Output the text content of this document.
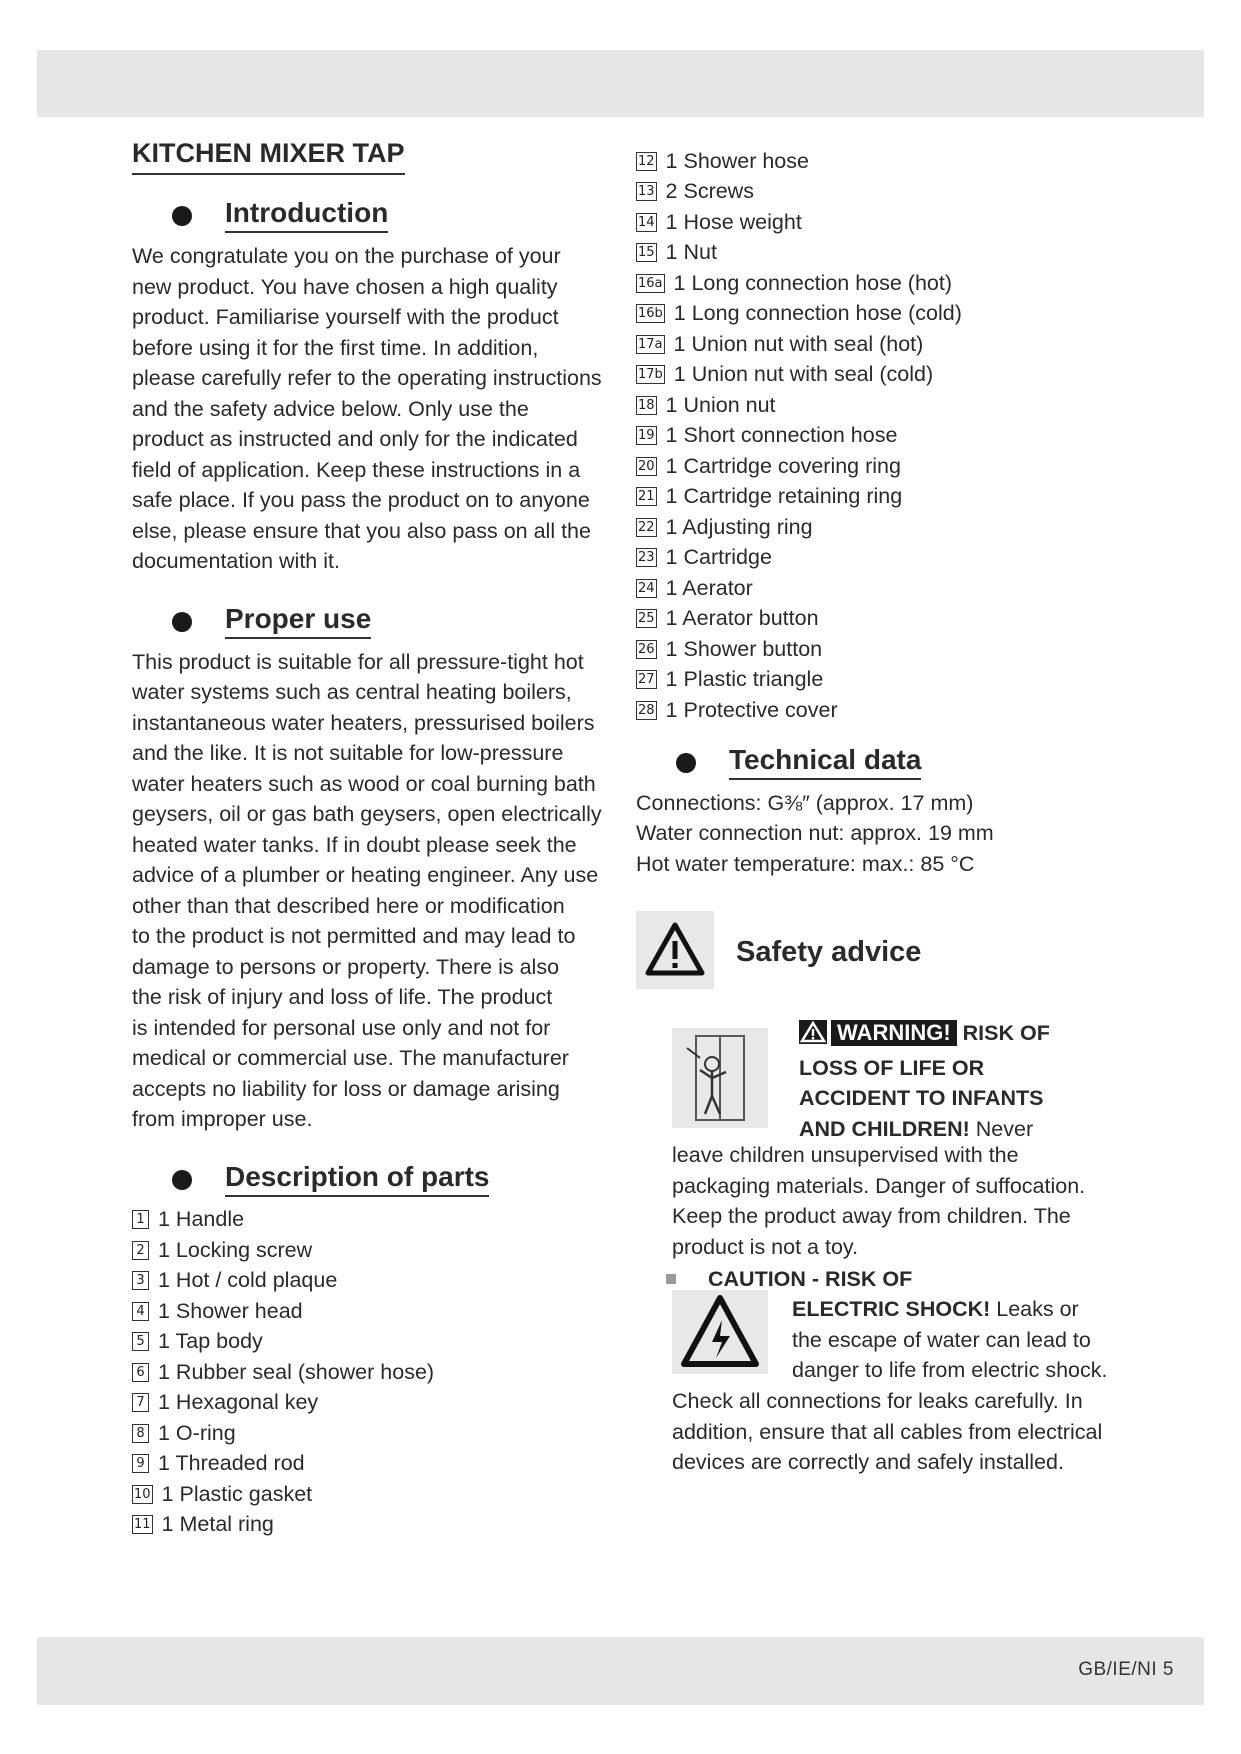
KITCHEN MIXER TAP
Introduction
We congratulate you on the purchase of your
new product. You have chosen a high quality
product. Familiarise yourself with the product
before using it for the first time. In addition,
please carefully refer to the operating instructions
and the safety advice below. Only use the
product as instructed and only for the indicated
field of application. Keep these instructions in a
safe place. If you pass the product on to anyone
else, please ensure that you also pass on all the
documentation with it.
Proper use
This product is suitable for all pressure-tight hot
water systems such as central heating boilers,
instantaneous water heaters, pressurised boilers
and the like. It is not suitable for low-pressure
water heaters such as wood or coal burning bath
geysers, oil or gas bath geysers, open electrically
heated water tanks. If in doubt please seek the
advice of a plumber or heating engineer. Any use
other than that described here or modification
to the product is not permitted and may lead to
damage to persons or property. There is also
the risk of injury and loss of life. The product
is intended for personal use only and not for
medical or commercial use. The manufacturer
accepts no liability for loss or damage arising
from improper use.
Description of parts
1 1 Handle
2 1 Locking screw
3 1 Hot / cold plaque
4 1 Shower head
5 1 Tap body
6 1 Rubber seal (shower hose)
7 1 Hexagonal key
8 1 O-ring
9 1 Threaded rod
10 1 Plastic gasket
11 1 Metal ring
12 1 Shower hose
13 2 Screws
14 1 Hose weight
15 1 Nut
16a 1 Long connection hose (hot)
16b 1 Long connection hose (cold)
17a 1 Union nut with seal (hot)
17b 1 Union nut with seal (cold)
18 1 Union nut
19 1 Short connection hose
20 1 Cartridge covering ring
21 1 Cartridge retaining ring
22 1 Adjusting ring
23 1 Cartridge
24 1 Aerator
25 1 Aerator button
26 1 Shower button
27 1 Plastic triangle
28 1 Protective cover
Technical data
Connections: G⅜″ (approx. 17 mm)
Water connection nut: approx. 19 mm
Hot water temperature: max.: 85 °C
Safety advice
WARNING! RISK OF
LOSS OF LIFE OR
ACCIDENT TO INFANTS
AND CHILDREN! Never
leave children unsupervised with the
packaging materials. Danger of suffocation.
Keep the product away from children. The
product is not a toy.
CAUTION - RISK OF
ELECTRIC SHOCK! Leaks or
the escape of water can lead to
danger to life from electric shock.
Check all connections for leaks carefully. In
addition, ensure that all cables from electrical
devices are correctly and safely installed.
GB/IE/NI 5
